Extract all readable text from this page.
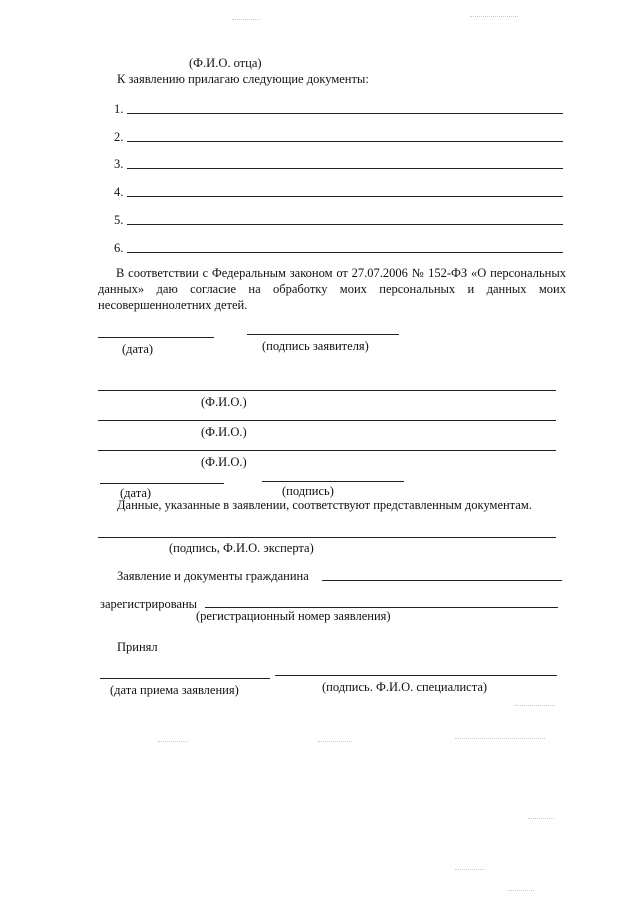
(Ф.И.О. отца)
К заявлению прилагаю следующие документы:
1.
2.
3.
4.
5.
6.
В соответствии с Федеральным законом от 27.07.2006 № 152-ФЗ «О персональных данных» даю согласие на обработку моих персональных и данных моих несовершеннолетних детей.
(дата)	(подпись заявителя)
(Ф.И.О.)
(Ф.И.О.)
(Ф.И.О.)
(дата)	(подпись)
Данные, указанные в заявлении, соответствуют представленным документам.
(подпись, Ф.И.О. эксперта)
Заявление и документы гражданина
зарегистрированы
(регистрационный номер заявления)
Принял
(дата приема заявления)	(подпись. Ф.И.О. специалиста)
